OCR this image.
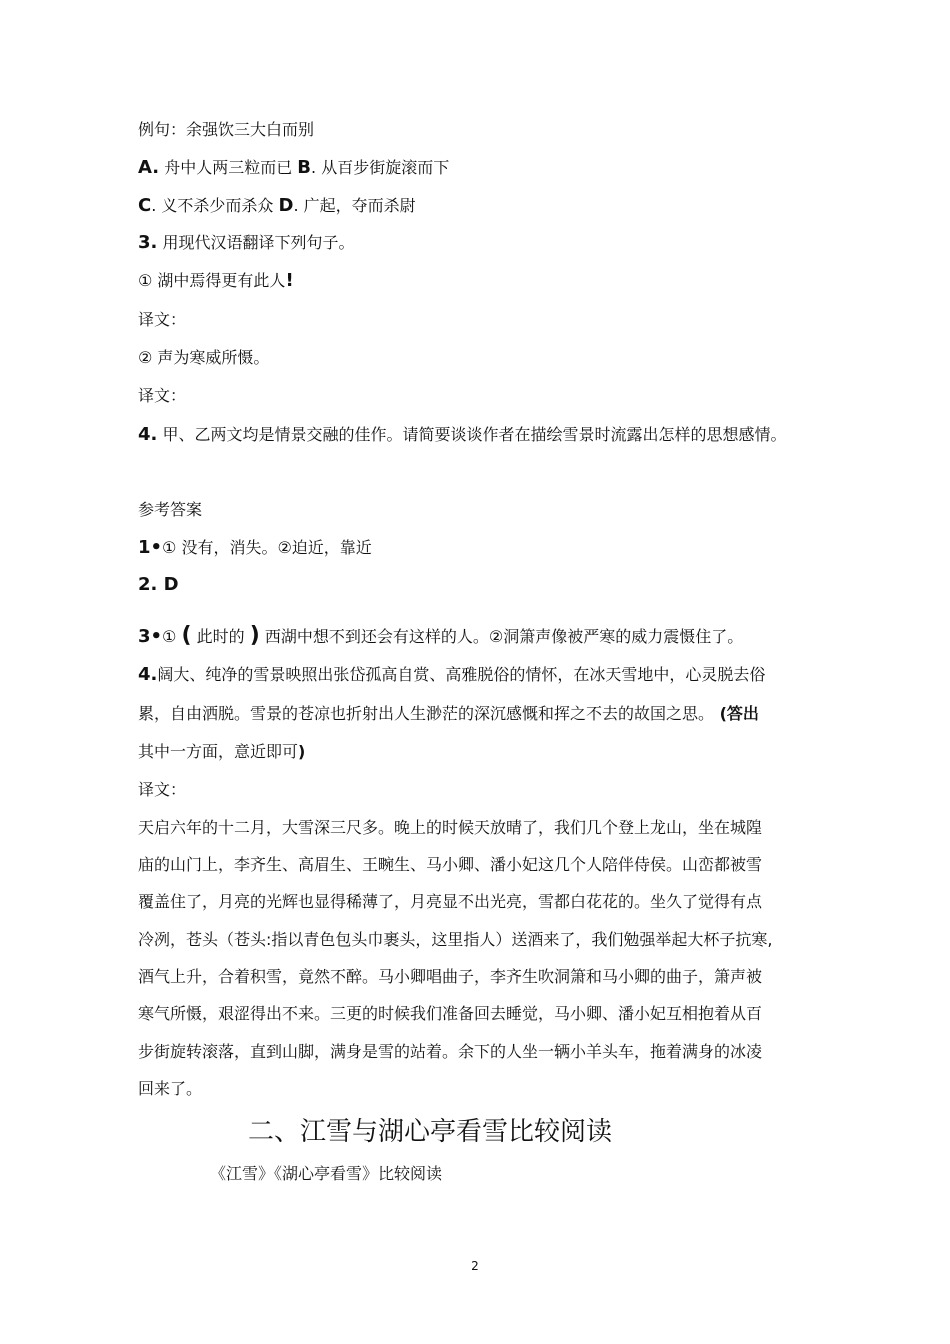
例句：余强饮三大白而别
A. 舟中人两三粒而已 B. 从百步街旋滚而下
C. 义不杀少而杀众 D. 广起，夺而杀尉
3. 用现代汉语翻译下列句子。
① 湖中焉得更有此人!
译文：
② 声为寒威所慑。
译文：
4. 甲、乙两文均是情景交融的佳作。请简要谈谈作者在描绘雪景时流露出怎样的思想感情。
参考答案
1•① 没有，消失。②迫近，靠近
2. D
3•① ( 此时的 ) 西湖中想不到还会有这样的人。②洞箫声像被严寒的威力震慑住了。
4.阔大、纯净的雪景映照出张岱孤高自赏、高雅脱俗的情怀，在冰天雪地中，心灵脱去俗
累，自由洒脱。雪景的苍凉也折射出人生渺茫的深沉感慨和挥之不去的故国之思。 (答出
其中一方面，意近即可)
译文：
天启六年的十二月，大雪深三尺多。晚上的时候天放晴了，我们几个登上龙山，坐在城隍
庙的山门上，李齐生、高眉生、王畹生、马小卿、潘小妃这几个人陪伴侍侯。山峦都被雪
覆盖住了，月亮的光辉也显得稀薄了，月亮显不出光亮，雪都白花花的。坐久了觉得有点
冷冽，苍头（苍头:指以青色包头巾裹头，这里指人）送酒来了，我们勉强举起大杯子抗寒,
酒气上升，合着积雪，竟然不醉。马小卿唱曲子，李齐生吹洞箫和马小卿的曲子，箫声被
寒气所慑，艰涩得出不来。三更的时候我们准备回去睡觉，马小卿、潘小妃互相抱着从百
步街旋转滚落，直到山脚，满身是雪的站着。余下的人坐一辆小羊头车，拖着满身的冰凌
回来了。
二、江雪与湖心亭看雪比较阅读
《江雪》《湖心亭看雪》比较阅读
2
